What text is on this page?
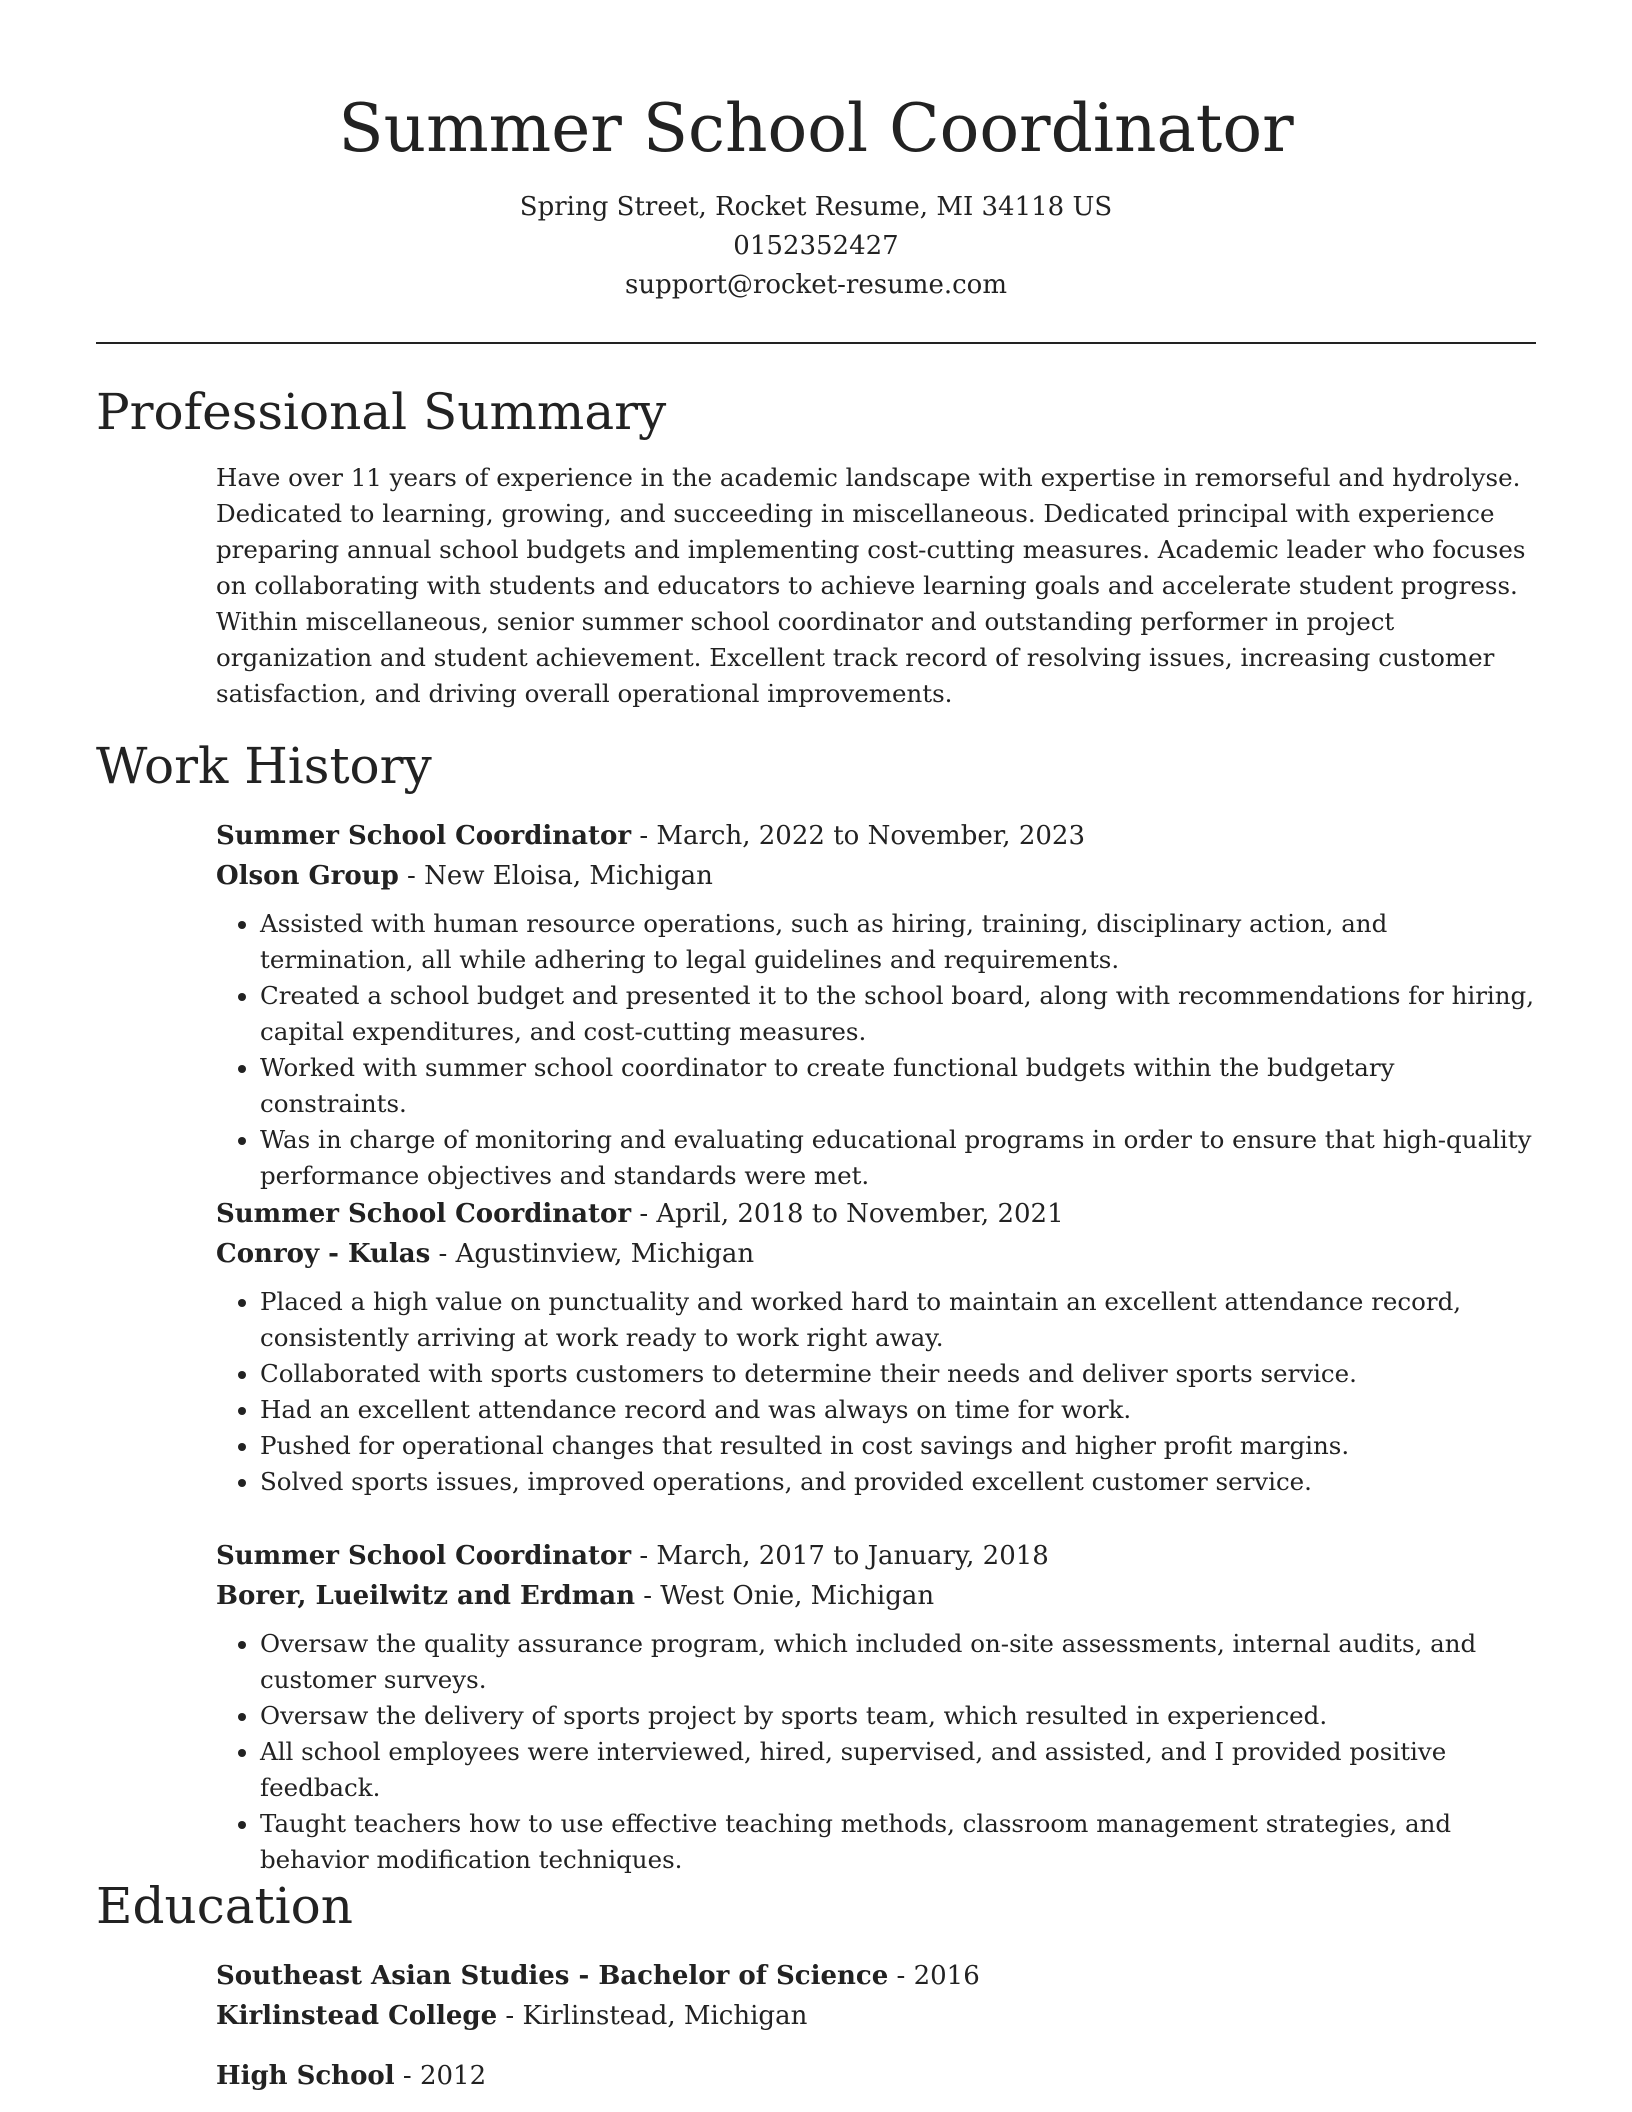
Summer School Coordinator
Spring Street, Rocket Resume, MI 34118 US
0152352427
support@rocket-resume.com
Professional Summary

Have over 11 years of experience in the academic landscape with expertise in remorseful and hydrolyse. Dedicated to learning, growing, and succeeding in miscellaneous. Dedicated principal with experience preparing annual school budgets and implementing cost-cutting measures. Academic leader who focuses on collaborating with students and educators to achieve learning goals and accelerate student progress. Within miscellaneous, senior summer school coordinator and outstanding performer in project organization and student achievement. Excellent track record of resolving issues, increasing customer satisfaction, and driving overall operational improvements.

Work History
Summer School Coordinator - March, 2022 to November, 2023
Olson Group - New Eloisa, Michigan
• Assisted with human resource operations, such as hiring, training, disciplinary action, and termination, all while adhering to legal guidelines and requirements.
• Created a school budget and presented it to the school board, along with recommendations for hiring, capital expenditures, and cost-cutting measures.
• Worked with summer school coordinator to create functional budgets within the budgetary constraints.
• Was in charge of monitoring and evaluating educational programs in order to ensure that high-quality performance objectives and standards were met.
Summer School Coordinator - April, 2018 to November, 2021
Conroy - Kulas - Agustinview, Michigan
• Placed a high value on punctuality and worked hard to maintain an excellent attendance record, consistently arriving at work ready to work right away.
• Collaborated with sports customers to determine their needs and deliver sports service.
• Had an excellent attendance record and was always on time for work.
• Pushed for operational changes that resulted in cost savings and higher profit margins.
• Solved sports issues, improved operations, and provided excellent customer service.
Summer School Coordinator - March, 2017 to January, 2018
Borer, Lueilwitz and Erdman - West Onie, Michigan
• Oversaw the quality assurance program, which included on-site assessments, internal audits, and customer surveys.
• Oversaw the delivery of sports project by sports team, which resulted in experienced.
• All school employees were interviewed, hired, supervised, and assisted, and I provided positive feedback.
• Taught teachers how to use effective teaching methods, classroom management strategies, and behavior modification techniques.
Education
Southeast Asian Studies - Bachelor of Science - 2016
Kirlinstead College - Kirlinstead, Michigan
High School - 2012
